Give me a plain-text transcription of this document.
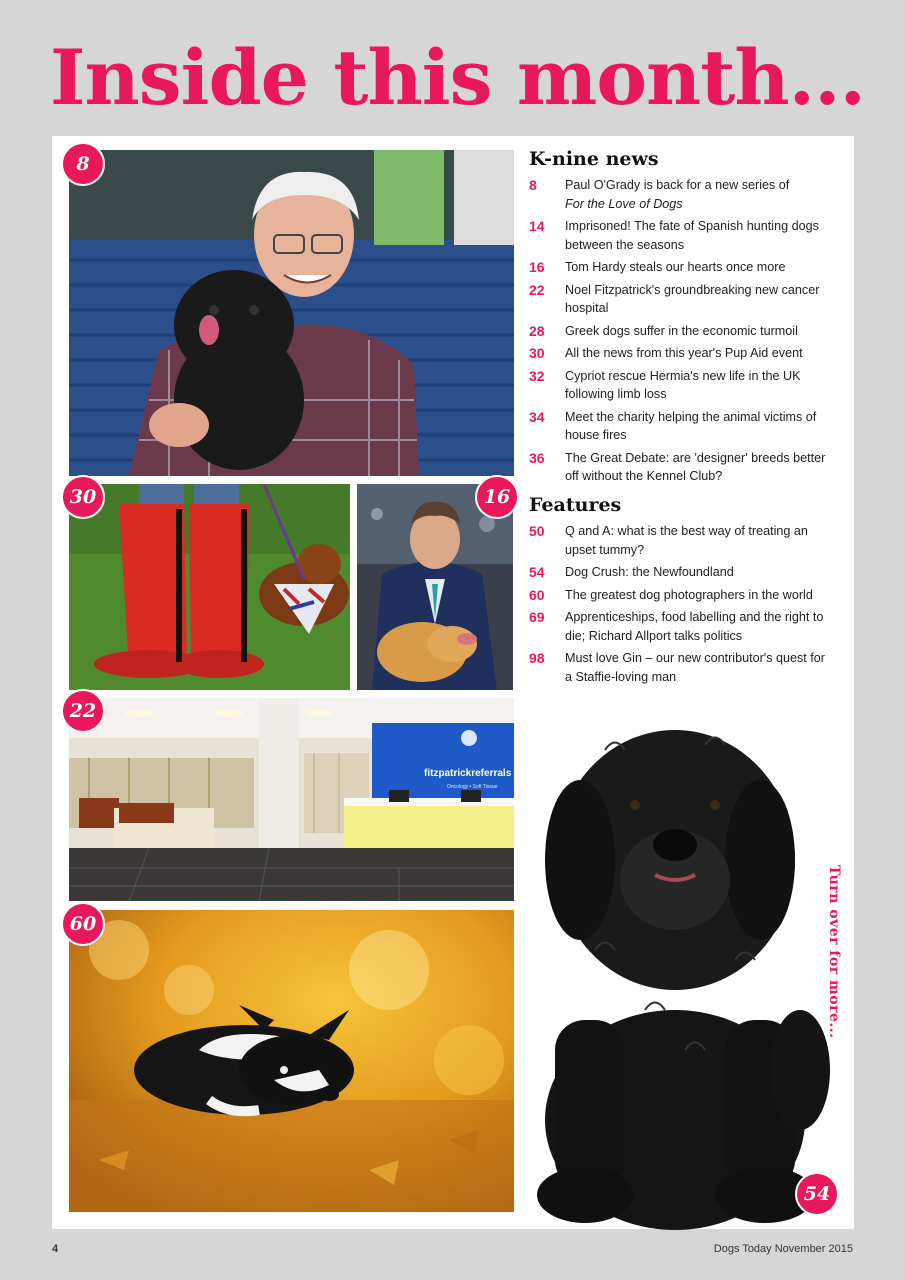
Inside this month...
8
30	16
fitzpatrickreferrals
Oncology • Soft Tissue
22
60
54
K-nine news
8	Paul O'Grady is back for a new series of
For the Love of Dogs
14	Imprisoned! The fate of Spanish hunting dogs between the seasons
16	Tom Hardy steals our hearts once more
22	Noel Fitzpatrick's groundbreaking new cancer hospital
28	Greek dogs suffer in the economic turmoil
30	All the news from this year's Pup Aid event
32	Cypriot rescue Hermia's new life in the UK following limb loss
34	Meet the charity helping the animal victims of house fires
36	The Great Debate: are 'designer' breeds better off without the Kennel Club?
Features
50	Q and A: what is the best way of treating an upset tummy?
54	Dog Crush: the Newfoundland
60	The greatest dog photographers in the world
69	Apprenticeships, food labelling and the right to die; Richard Allport talks politics
98	Must love Gin – our new contributor's quest for a Staffie-loving man
Turn over for more...
4	Dogs Today November 2015
